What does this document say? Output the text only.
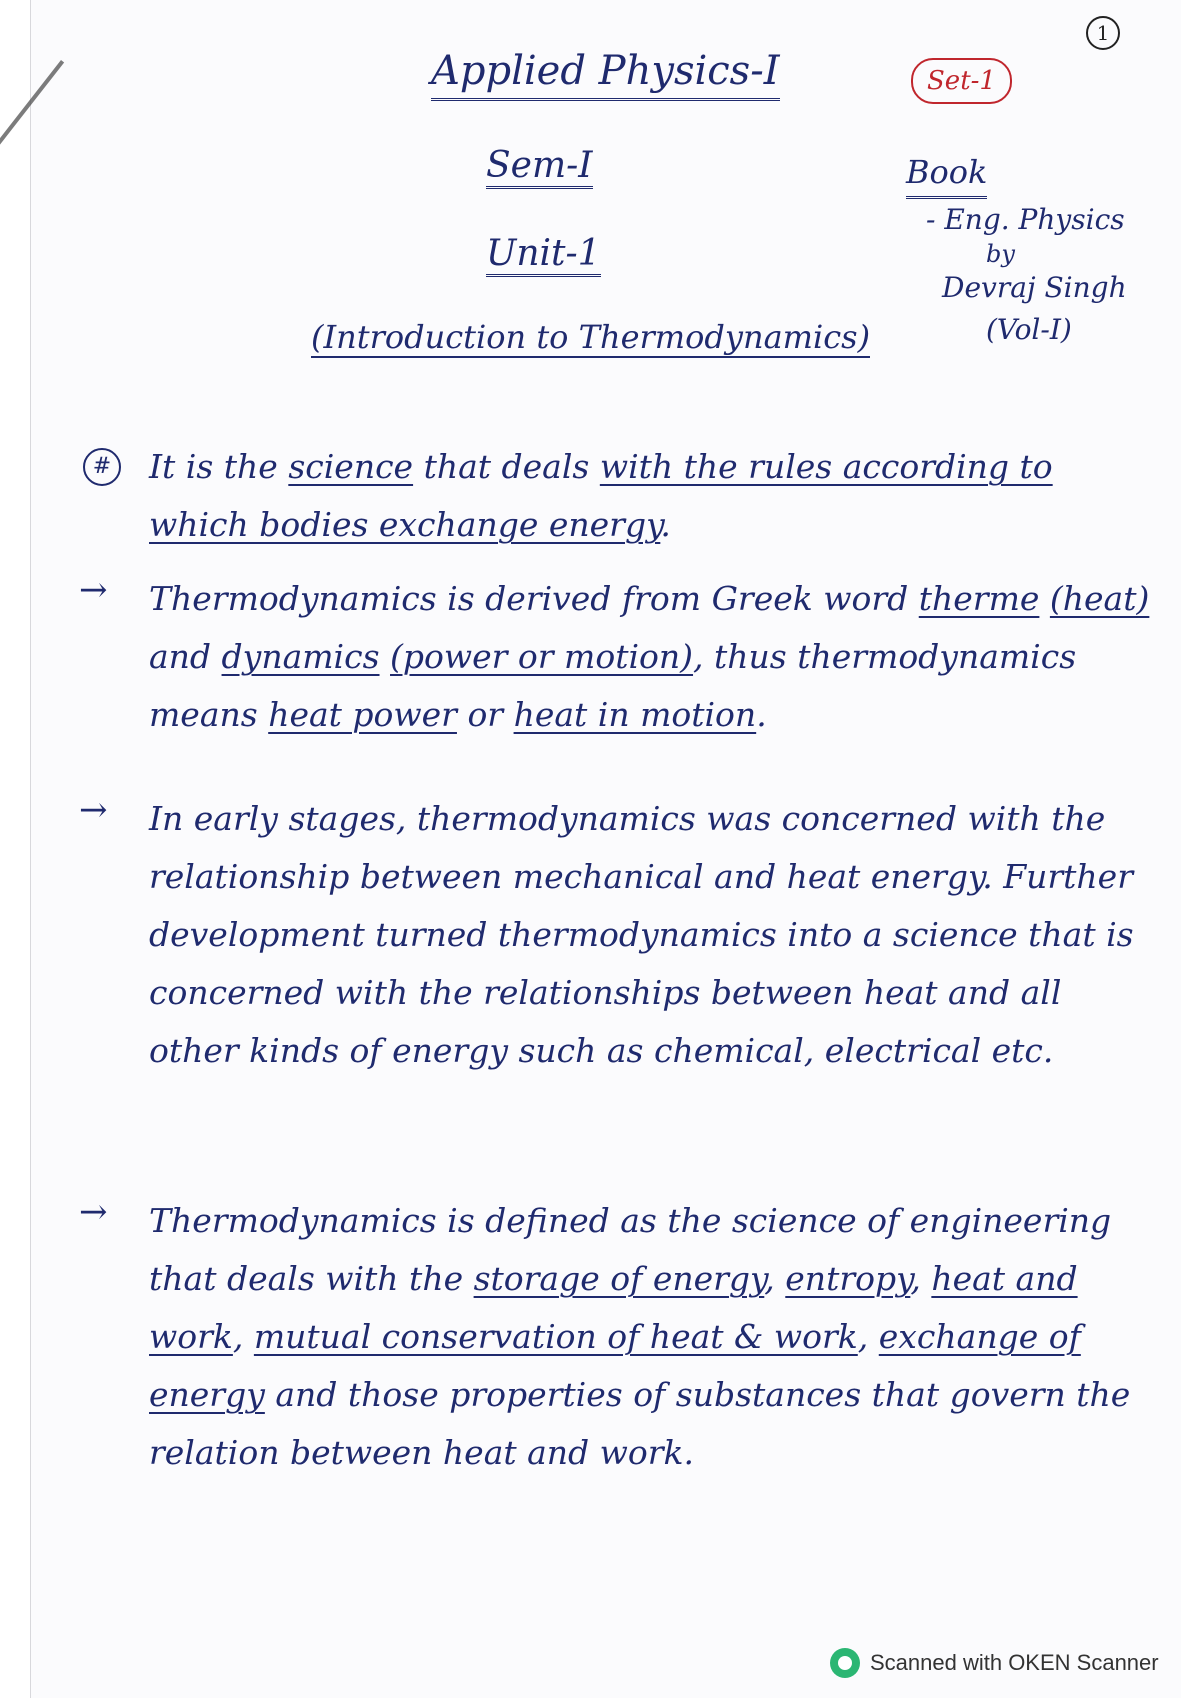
1
Applied Physics-I	Set-1
Sem-I
Unit-1
(Introduction to Thermodynamics)
Book
- Eng. Physics
by
Devraj Singh
(Vol-I)
# It is the science that deals with the rules according to which bodies exchange energy.
→ Thermodynamics is derived from Greek word therme (heat) and dynamics (power or motion), thus thermodynamics means heat power or heat in motion.
→ In early stages, thermodynamics was concerned with the relationship between mechanical and heat energy. Further development turned thermodynamics into a science that is concerned with the relationships between heat and all other kinds of energy such as chemical, electrical etc.
→ Thermodynamics is defined as the science of engineering that deals with the storage of energy, entropy, heat and work, mutual conservation of heat & work, exchange of energy and those properties of substances that govern the relation between heat and work.
Scanned with OKEN Scanner
